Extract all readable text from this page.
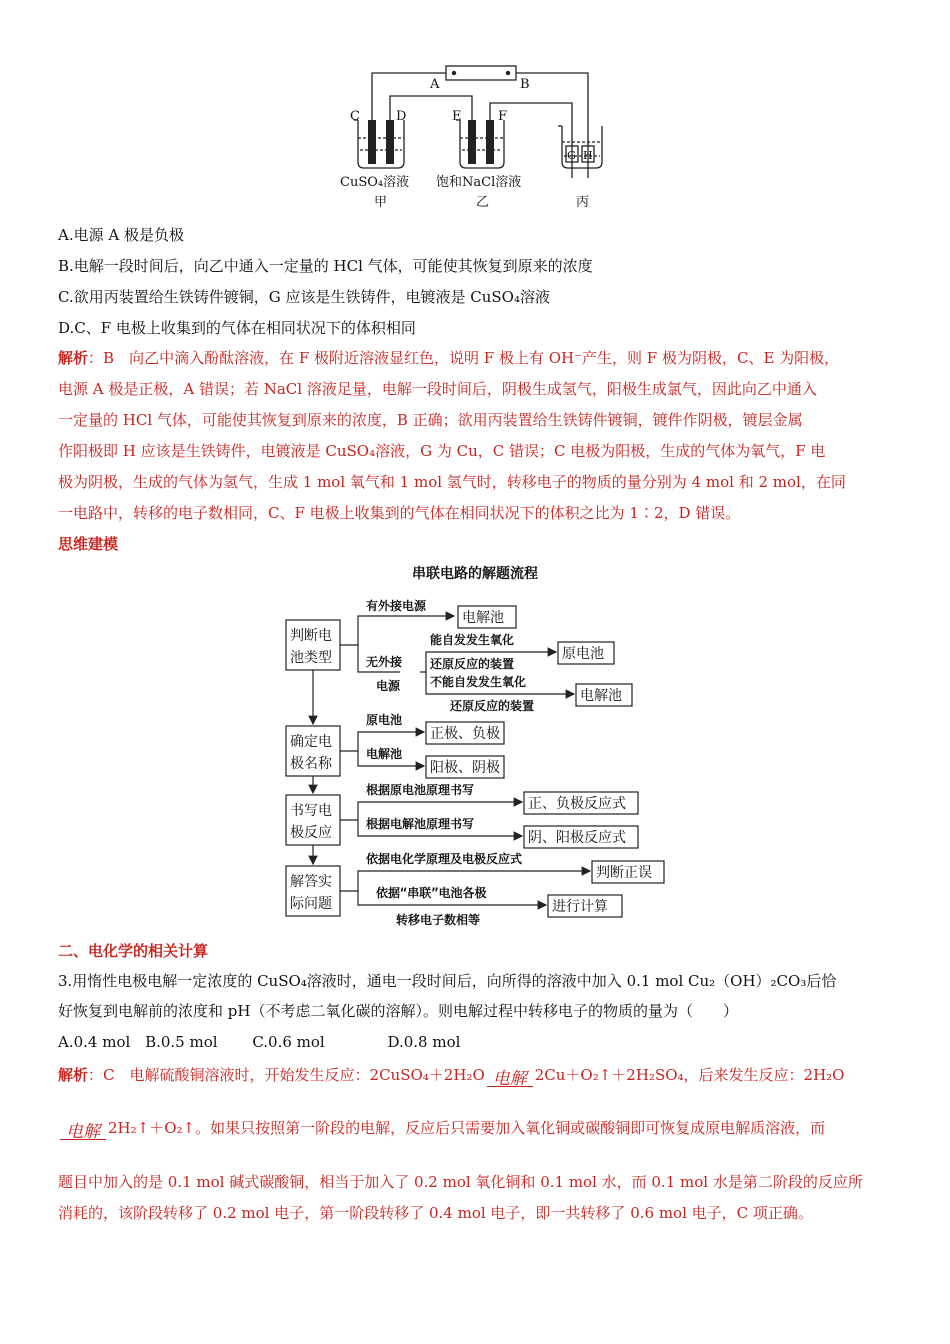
A	B
C	D	E	F
G H
CuSO₄溶液
甲
饱和NaCl溶液
乙	丙
A.电源 A 极是负极
B.电解一段时间后，向乙中通入一定量的 HCl 气体，可能使其恢复到原来的浓度
C.欲用丙装置给生铁铸件镀铜，G 应该是生铁铸件，电镀液是 CuSO₄溶液
D.C、F 电极上收集到的气体在相同状况下的体积相同
解析：B　 向乙中滴入酚酞溶液，在 F 极附近溶液显红色，说明 F 极上有 OH⁻产生，则 F 极为阴极，C、E 为阳极，
电源 A 极是正极，A 错误；若 NaCl 溶液足量，电解一段时间后，阴极生成氢气，阳极生成氯气，因此向乙中通入
一定量的 HCl 气体，可能使其恢复到原来的浓度，B 正确；欲用丙装置给生铁铸件镀铜，镀件作阴极，镀层金属
作阳极即 H 应该是生铁铸件，电镀液是 CuSO₄溶液，G 为 Cu，C 错误；C 电极为阳极，生成的气体为氧气，F 电
极为阴极，生成的气体为氢气，生成 1 mol 氧气和 1 mol 氢气时，转移电子的物质的量分别为 4 mol 和 2 mol，在同
一电路中，转移的电子数相同，C、F 电极上收集到的气体在相同状况下的体积之比为 1∶2，D 错误。
思维建模
串联电路的解题流程
判断电
池类型
确定电
极名称
书写电
极反应
解答实
际问题
电解池
原电池
电解池
正极、负极
阳极、阴极
正、负极反应式
阴、阳极反应式
判断正误
进行计算
有外接电源
无外接
电源
能自发发生氧化
还原反应的装置
不能自发发生氧化
还原反应的装置
原电池
电解池
根据原电池原理书写
根据电解池原理书写
依据电化学原理及电极反应式
依据“串联”电池各极
转移电子数相等
二、电化学的相关计算
3.用惰性电极电解一定浓度的 CuSO₄溶液时，通电一段时间后，向所得的溶液中加入 0.1 mol Cu₂（OH）₂CO₃后恰
好恢复到电解前的浓度和 pH（不考虑二氧化碳的溶解）。则电解过程中转移电子的物质的量为（　　）
A.0.4 mol B.0.5 mol C.0.6 mol	D.0.8 mol
解析：C　 电解硫酸铜溶液时，开始发生反应：2CuSO₄＋2H₂O 电解 2Cu＋O₂↑＋2H₂SO₄，后来发生反应：2H₂O
电解 2H₂↑＋O₂↑。如果只按照第一阶段的电解，反应后只需要加入氧化铜或碳酸铜即可恢复成原电解质溶液，而
题目中加入的是 0.1 mol 碱式碳酸铜，相当于加入了 0.2 mol 氧化铜和 0.1 mol 水，而 0.1 mol 水是第二阶段的反应所
消耗的，该阶段转移了 0.2 mol 电子，第一阶段转移了 0.4 mol 电子，即一共转移了 0.6 mol 电子，C 项正确。
